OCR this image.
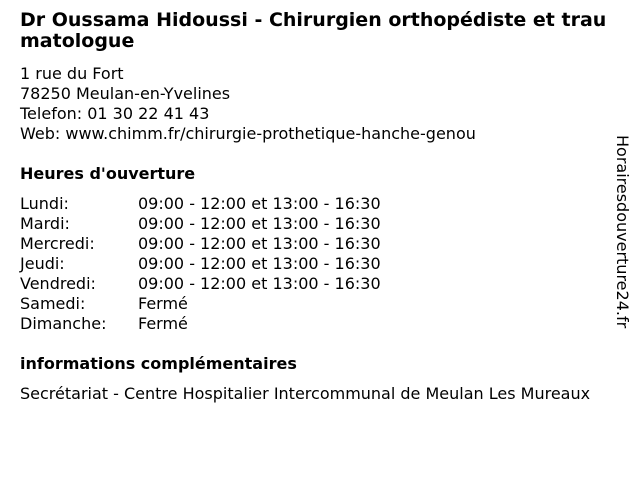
Dr Oussama Hidoussi - Chirurgien orthopédiste et traumatologue
1 rue du Fort
78250 Meulan-en-Yvelines
Telefon: 01 30 22 41 43
Web: www.chimm.fr/chirurgie-prothetique-hanche-genou
Heures d'ouverture
Lundi:	09:00 - 12:00 et 13:00 - 16:30
Mardi:	09:00 - 12:00 et 13:00 - 16:30
Mercredi:	09:00 - 12:00 et 13:00 - 16:30
Jeudi:	09:00 - 12:00 et 13:00 - 16:30
Vendredi:	09:00 - 12:00 et 13:00 - 16:30
Samedi:	Fermé
Dimanche: Fermé
informations complémentaires
Secrétariat - Centre Hospitalier Intercommunal de Meulan Les Mureaux
Horairesdouverture24.fr
